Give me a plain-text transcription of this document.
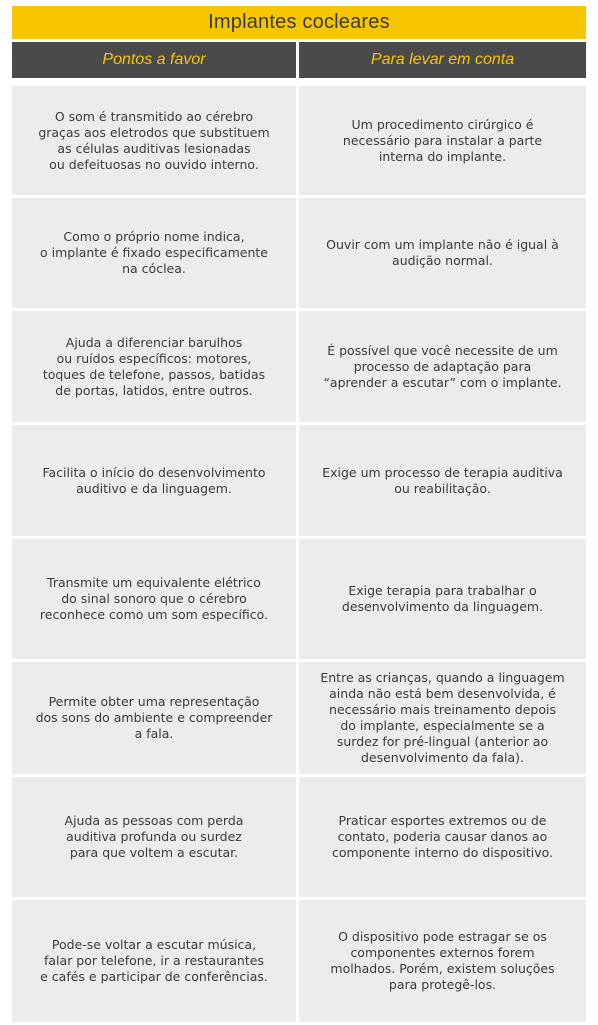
Implantes cocleares
Pontos a favor	Para levar em conta
O som é transmitido ao cérebro
graças aos eletrodos que substituem
as células auditivas lesionadas
ou defeituosas no ouvido interno.
Um procedimento cirúrgico é
necessário para instalar a parte
interna do implante.
Como o próprio nome indica,
o implante é fixado especificamente
na cóclea.
Ouvir com um implante não é igual à
audição normal.
Ajuda a diferenciar barulhos
ou ruídos específicos: motores,
toques de telefone, passos, batidas
de portas, latidos, entre outros.
É possível que você necessite de um
processo de adaptação para
“aprender a escutar” com o implante.
Facilita o início do desenvolvimento
auditivo e da linguagem.
Exige um processo de terapia auditiva
ou reabilitação.
Transmite um equivalente elétrico
do sinal sonoro que o cérebro
reconhece como um som específico.
Exige terapia para trabalhar o
desenvolvimento da linguagem.
Permite obter uma representação
dos sons do ambiente e compreender
a fala.
Entre as crianças, quando a linguagem
ainda não está bem desenvolvida, é
necessário mais treinamento depois
do implante, especialmente se a
surdez for pré-lingual (anterior ao
desenvolvimento da fala).
Ajuda as pessoas com perda
auditiva profunda ou surdez
para que voltem a escutar.
Praticar esportes extremos ou de
contato, poderia causar danos ao
componente interno do dispositivo.
Pode-se voltar a escutar música,
falar por telefone, ir a restaurantes
e cafés e participar de conferências.
O dispositivo pode estragar se os
componentes externos forem
molhados. Porém, existem soluções
para protegê-los.
